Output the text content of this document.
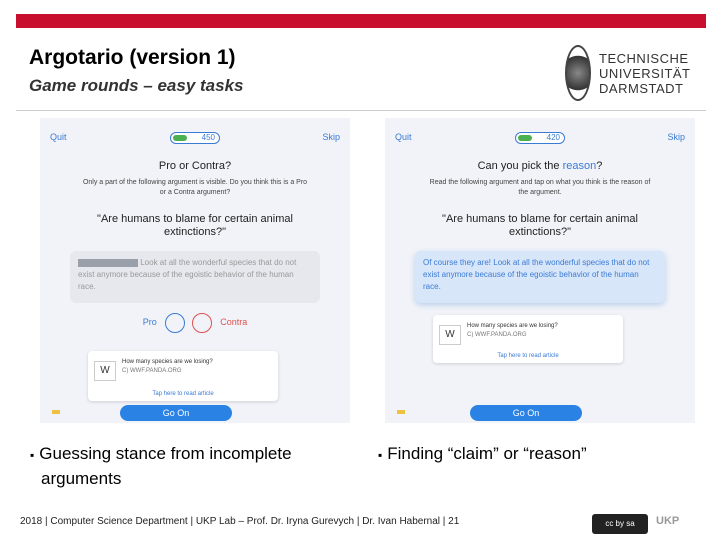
Argotario (version 1)
Game rounds – easy tasks
TECHNISCHE UNIVERSITÄT DARMSTADT
Quit	450	Skip
Pro or Contra?
Only a part of the following argument is visible. Do you think this is a Pro or a Contra argument?
"Are humans to blame for certain animal extinctions?"
Look at all the wonderful species that do not exist anymore because of the egoistic behavior of the human race.
Pro	Contra
W
How many species are we losing?
C) WWF.PANDA.ORG
Tap here to read article
Go On
Quit	420	Skip
Can you pick the reason?
Read the following argument and tap on what you think is the reason of the argument.
"Are humans to blame for certain animal extinctions?"
Of course they are! Look at all the wonderful species that do not exist anymore because of the egoistic behavior of the human race.
W
How many species are we losing?
C) WWF.PANDA.ORG
Tap here to read article
Go On
▪ Guessing stance from incomplete
arguments
▪ Finding “claim” or “reason”
2018 | Computer Science Department | UKP Lab – Prof. Dr. Iryna Gurevych | Dr. Ivan Habernal | 21	cc by sa	UKP
